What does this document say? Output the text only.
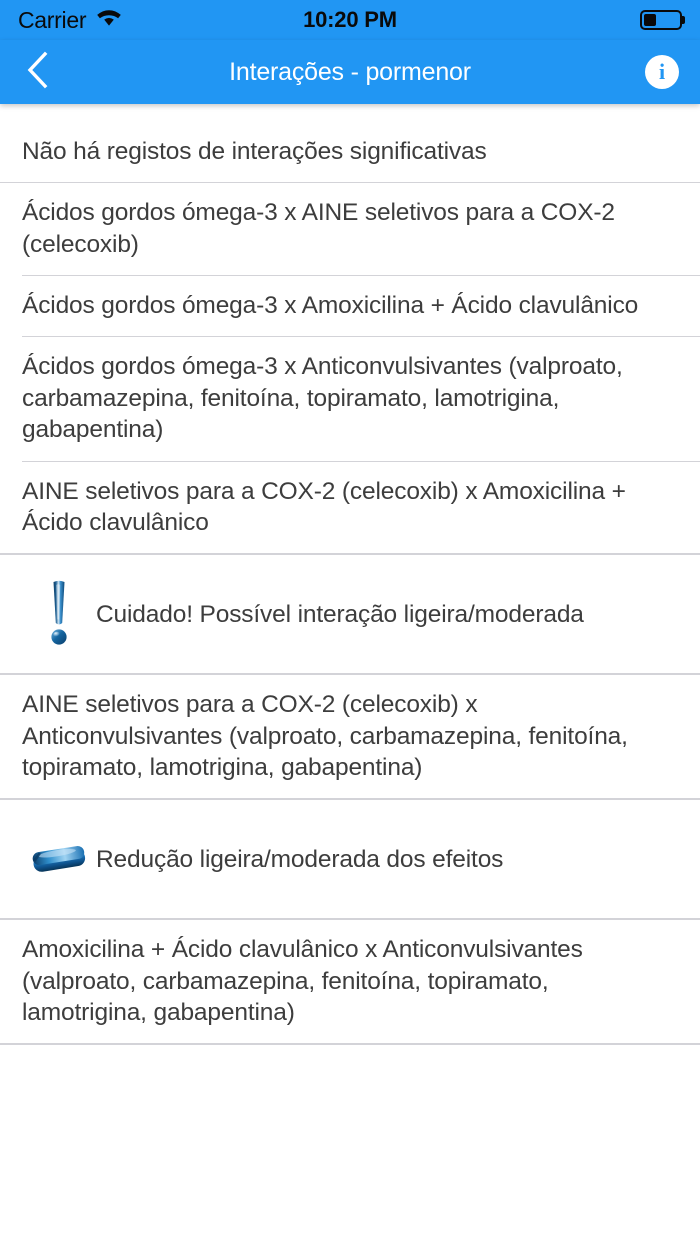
Carrier	10:20 PM
Interações - pormenor	i
Não há registos de interações significativas
Ácidos gordos ómega-3 x AINE seletivos para a COX-2 (celecoxib)
Ácidos gordos ómega-3 x Amoxicilina + Ácido clavulânico
Ácidos gordos ómega-3 x Anticonvulsivantes (valproato, carbamazepina, fenitoína, topiramato, lamotrigina, gabapentina)
AINE seletivos para a COX-2 (celecoxib) x Amoxicilina + Ácido clavulânico
Cuidado! Possível interação ligeira/moderada
AINE seletivos para a COX-2 (celecoxib) x Anticonvulsivantes (valproato, carbamazepina, fenitoína, topiramato, lamotrigina, gabapentina)
Redução ligeira/moderada dos efeitos
Amoxicilina + Ácido clavulânico x Anticonvulsivantes (valproato, carbamazepina, fenitoína, topiramato, lamotrigina, gabapentina)
